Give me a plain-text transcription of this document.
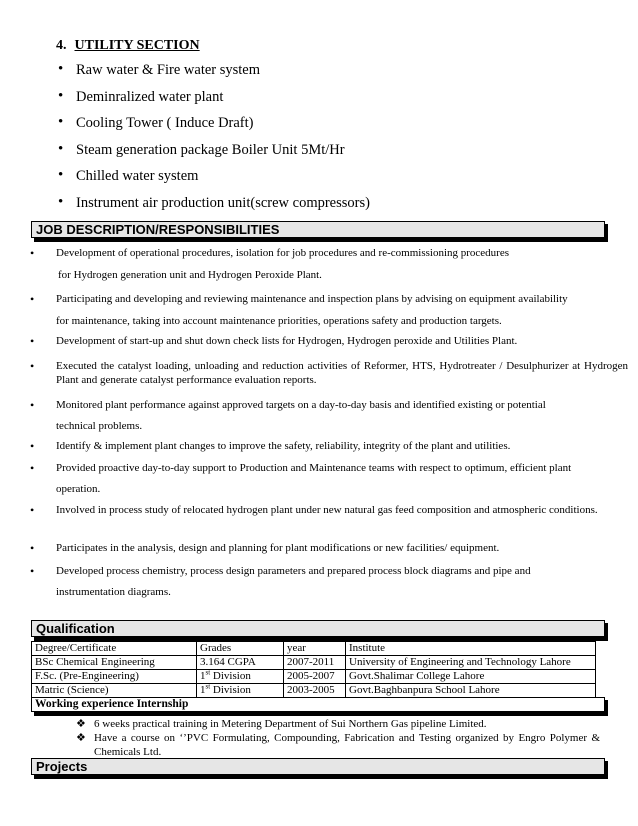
4. UTILITY SECTION
• Raw water & Fire water system
• Deminralized water plant
• Cooling Tower ( Induce Draft)
• Steam generation package Boiler Unit 5Mt/Hr
• Chilled water system
• Instrument air production unit(screw compressors)
JOB DESCRIPTION/RESPONSIBILITIES
• Development of operational procedures, isolation for job procedures and re-commissioning procedures
for Hydrogen generation unit and Hydrogen Peroxide Plant.
• Participating and developing and reviewing maintenance and inspection plans by advising on equipment availability
for maintenance, taking into account maintenance priorities, operations safety and production targets.
• Development of start-up and shut down check lists for Hydrogen, Hydrogen peroxide and Utilities Plant.
• Executed the catalyst loading, unloading and reduction activities of Reformer, HTS, Hydrotreater / Desulphurizer at Hydrogen Plant and generate catalyst performance evaluation reports.
• Monitored plant performance against approved targets on a day-to-day basis and identified existing or potential
technical problems.
• Identify & implement plant changes to improve the safety, reliability, integrity of the plant and utilities.
• Provided proactive day-to-day support to Production and Maintenance teams with respect to optimum, efficient plant
operation.
• Involved in process study of relocated hydrogen plant under new natural gas feed composition and atmospheric conditions.
• Participates in the analysis, design and planning for plant modifications or new facilities/ equipment.
• Developed process chemistry, process design parameters and prepared process block diagrams and pipe and
instrumentation diagrams.
Qualification
Degree/Certificate	Grades	year	Institute
BSc Chemical Engineering	3.164 CGPA	2007-2011	University of Engineering and Technology Lahore
F.Sc. (Pre-Engineering)	1st Division	2005-2007	Govt.Shalimar College Lahore
Matric (Science)	1st Division	2003-2005	Govt.Baghbanpura School Lahore
Working experience Internship
❖ 6 weeks practical training in Metering Department of Sui Northern Gas pipeline Limited.
❖ Have a course on ‘’PVC Formulating, Compounding, Fabrication and Testing organized by Engro Polymer & Chemicals Ltd.
Projects
